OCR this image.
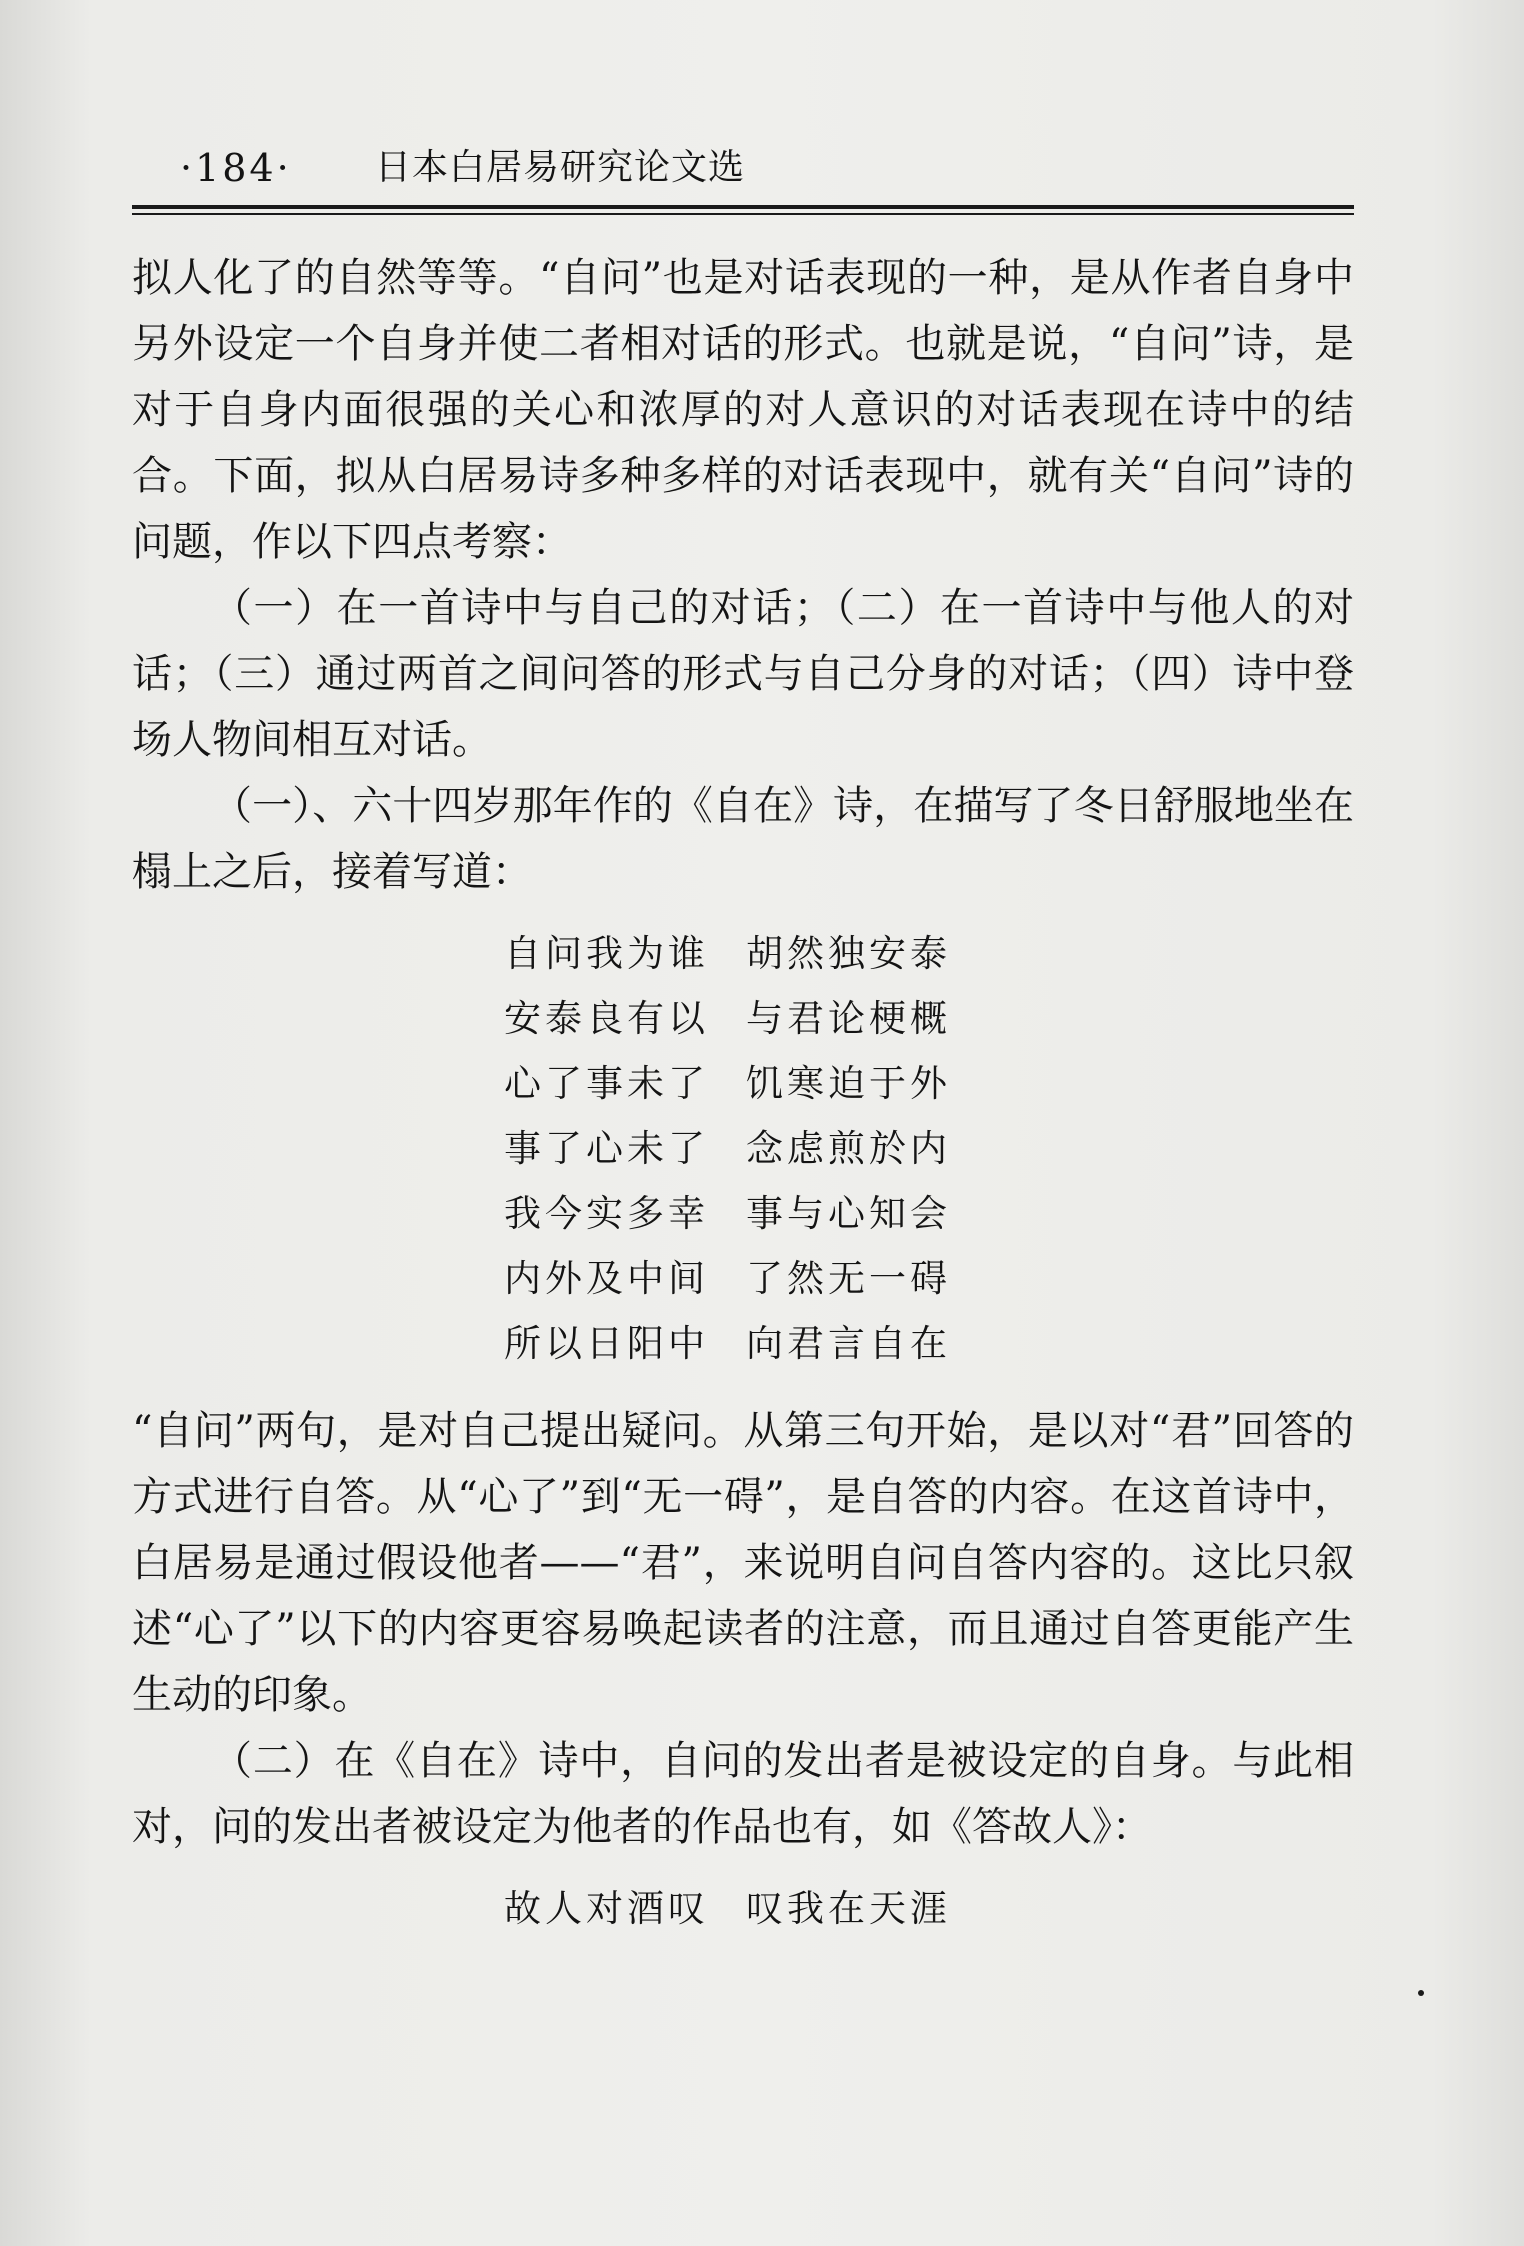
·184· 日本白居易研究论文选

拟人化了的自然等等。“自问”也是对话表现的一种，是从作者自身中另外设定一个自身并使二者相对话的形式。也就是说，“自问”诗，是对于自身内面很强的关心和浓厚的对人意识的对话表现在诗中的结合。下面，拟从白居易诗多种多样的对话表现中，就有关“自问”诗的问题，作以下四点考察：

（一）在一首诗中与自己的对话；（二）在一首诗中与他人的对话；（三）通过两首之间问答的形式与自己分身的对话；（四）诗中登场人物间相互对话。

（一）、六十四岁那年作的《自在》诗，在描写了冬日舒服地坐在榻上之后，接着写道：

自问我为谁 胡然独安泰
安泰良有以 与君论梗概
心了事未了 饥寒迫于外
事了心未了 念虑煎於内
我今实多幸 事与心知会
内外及中间 了然无一碍
所以日阳中 向君言自在

“自问”两句，是对自己提出疑问。从第三句开始，是以对“君”回答的方式进行自答。从“心了”到“无一碍”，是自答的内容。在这首诗中，白居易是通过假设他者——“君”，来说明自问自答内容的。这比只叙述“心了”以下的内容更容易唤起读者的注意，而且通过自答更能产生生动的印象。

（二）在《自在》诗中，自问的发出者是被设定的自身。与此相对，问的发出者被设定为他者的作品也有，如《答故人》：

故人对酒叹 叹我在天涯
